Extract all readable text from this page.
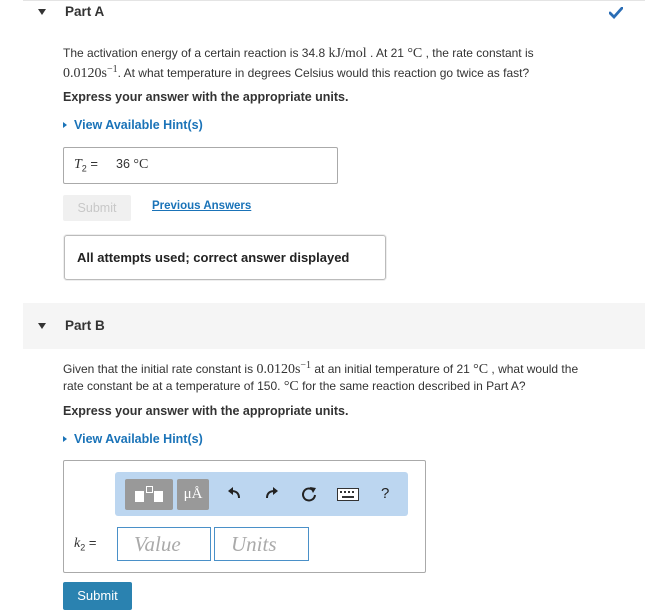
Part A
The activation energy of a certain reaction is 34.8 kJ/mol . At 21 °C , the rate constant is
$0.0120s^{-1}$. At what temperature in degrees Celsius would this reaction go twice as fast?
Express your answer with the appropriate units.
View Available Hint(s)
$T_2 = 36$ °C
Submit	Previous Answers
All attempts used; correct answer displayed
Part B
Given that the initial rate constant is $0.0120s^{-1}$ at an initial temperature of 21 °C , what would the
rate constant be at a temperature of 150. °C for the same reaction described in Part A?
Express your answer with the appropriate units.
View Available Hint(s)
μÅ	?
$k_2$ =	Value	Units
Submit
